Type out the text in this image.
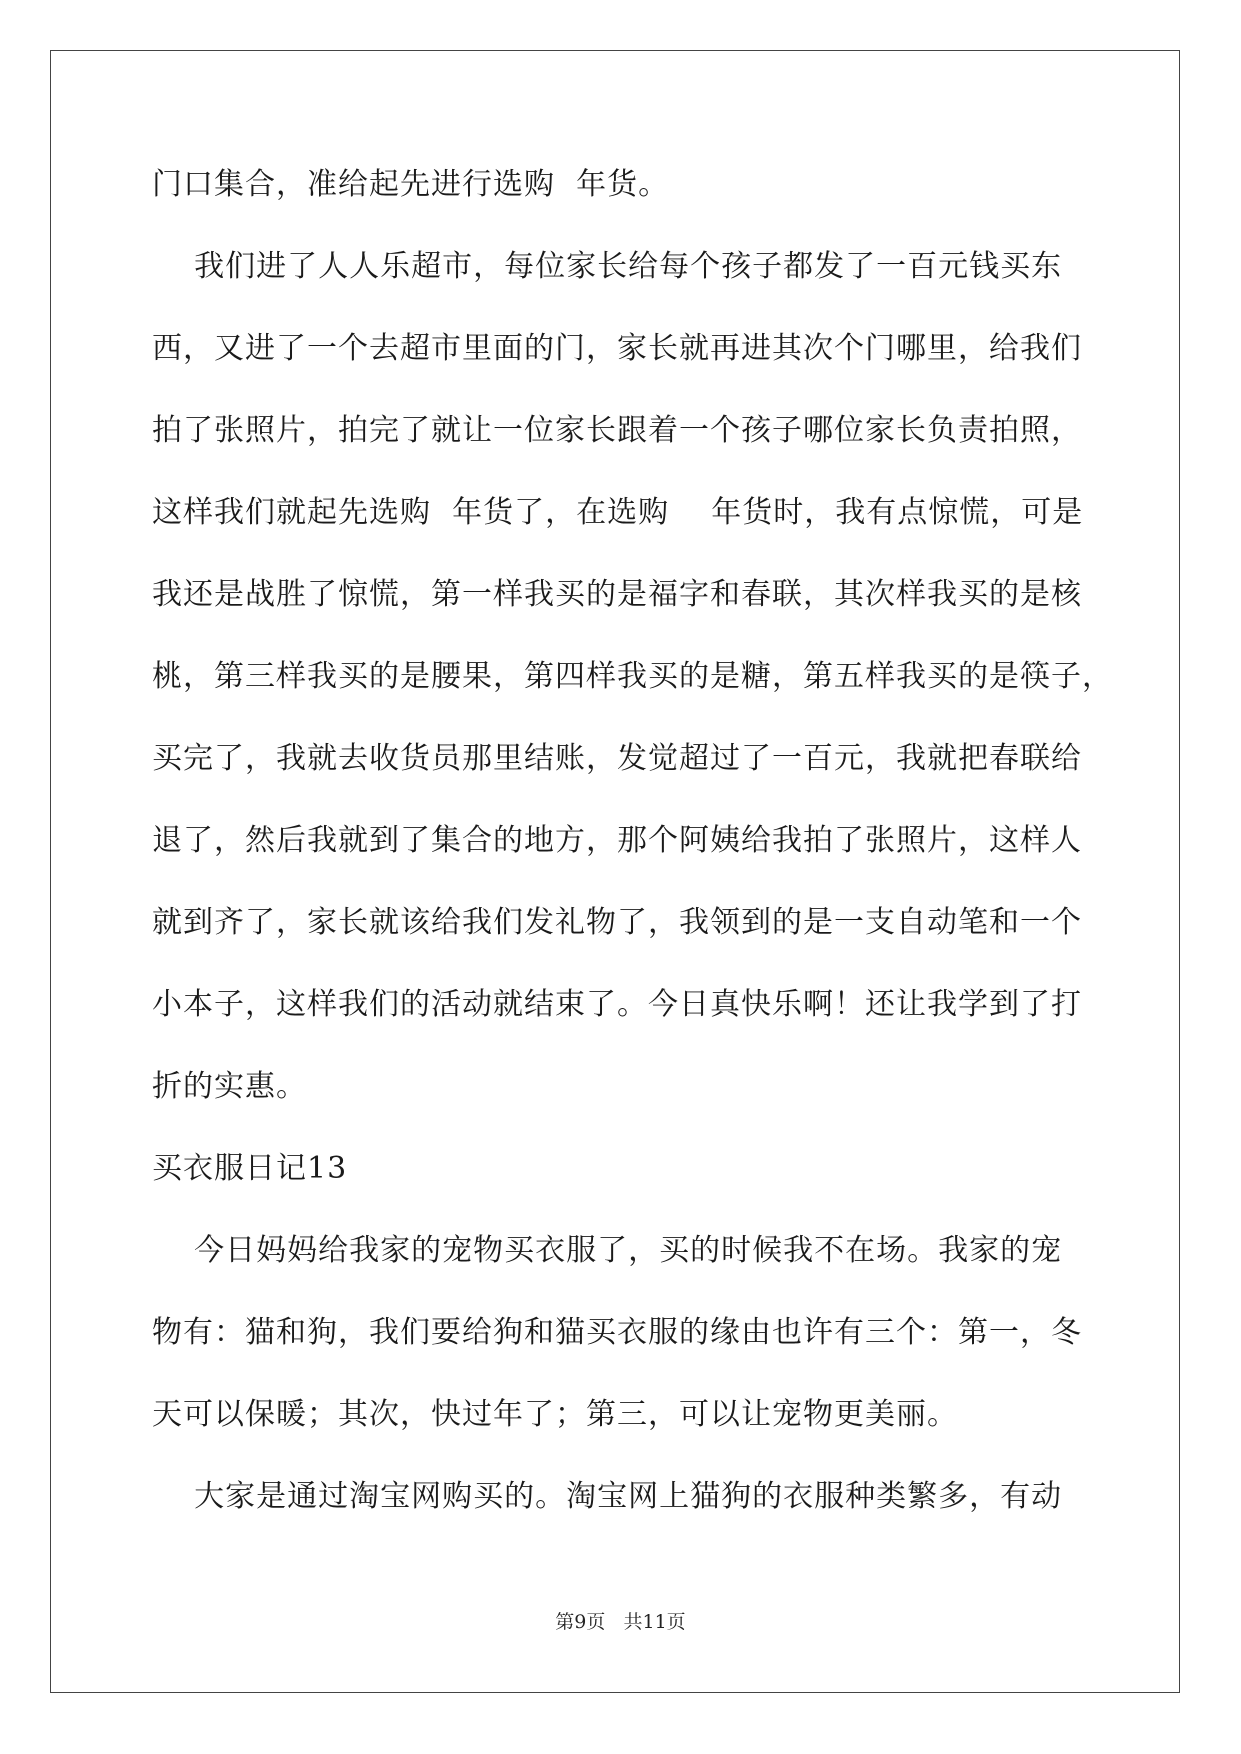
门口集合，准给起先进行选购  年货。
我们进了人人乐超市，每位家长给每个孩子都发了一百元钱买东
西，又进了一个去超市里面的门，家长就再进其次个门哪里，给我们
拍了张照片，拍完了就让一位家长跟着一个孩子哪位家长负责拍照，
这样我们就起先选购  年货了，在选购    年货时，我有点惊慌，可是
我还是战胜了惊慌，第一样我买的是福字和春联，其次样我买的是核
桃，第三样我买的是腰果，第四样我买的是糖，第五样我买的是筷子，
买完了，我就去收货员那里结账，发觉超过了一百元，我就把春联给
退了，然后我就到了集合的地方，那个阿姨给我拍了张照片，这样人
就到齐了，家长就该给我们发礼物了，我领到的是一支自动笔和一个
小本子，这样我们的活动就结束了。今日真快乐啊！还让我学到了打
折的实惠。
买衣服日记13
今日妈妈给我家的宠物买衣服了，买的时候我不在场。我家的宠
物有：猫和狗，我们要给狗和猫买衣服的缘由也许有三个：第一，冬
天可以保暖；其次，快过年了；第三，可以让宠物更美丽。
大家是通过淘宝网购买的。淘宝网上猫狗的衣服种类繁多，有动
第9页   共11页
